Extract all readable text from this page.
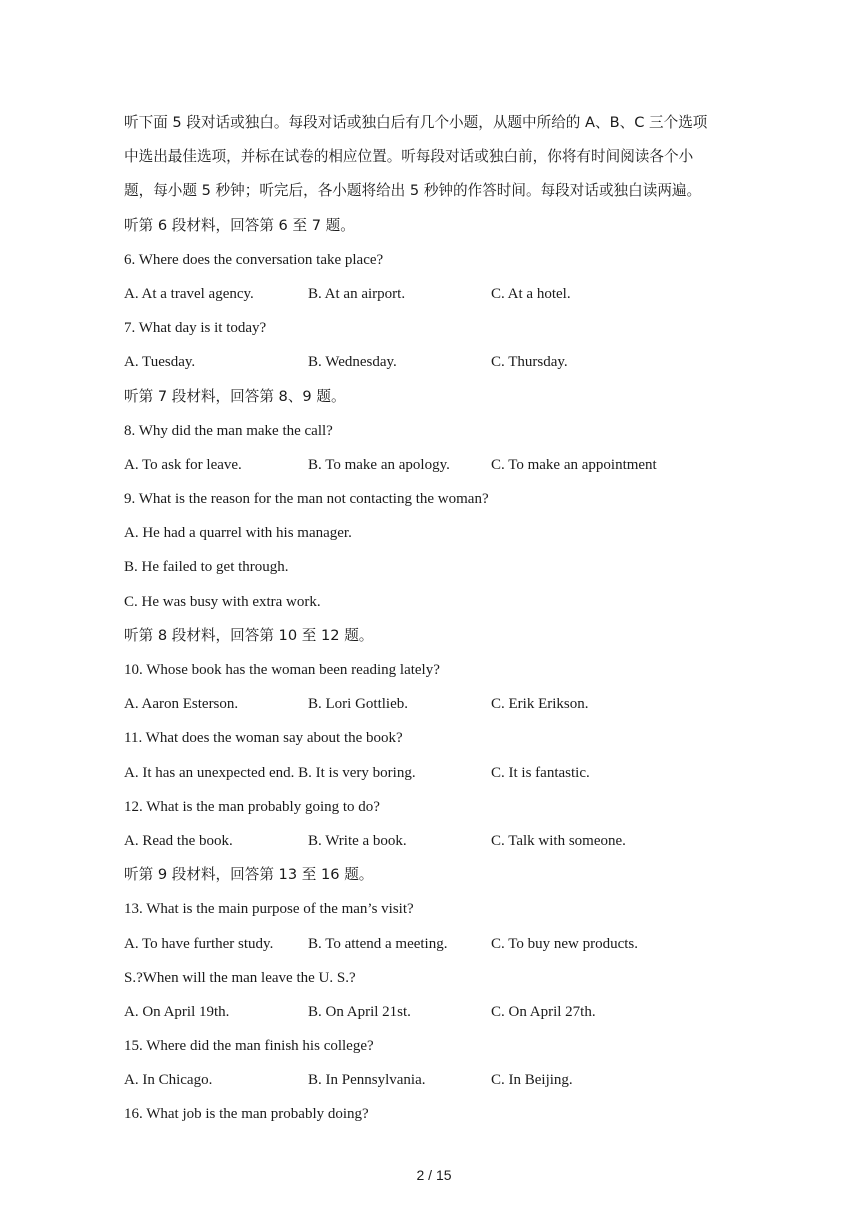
听下面 5 段对话或独白。每段对话或独白后有几个小题，从题中所给的 A、B、C 三个选项
中选出最佳选项，并标在试卷的相应位置。听每段对话或独白前，你将有时间阅读各个小
题，每小题 5 秒钟；听完后，各小题将给出 5 秒钟的作答时间。每段对话或独白读两遍。
听第 6 段材料，回答第 6 至 7 题。
6. Where does the conversation take place?
A. At a travel agency.	B. At an airport.	C. At a hotel.
7. What day is it today?
A. Tuesday.	B. Wednesday.	C. Thursday.
听第 7 段材料，回答第 8、9 题。
8. Why did the man make the call?
A. To ask for leave.	B. To make an apology.	C. To make an appointment
9. What is the reason for the man not contacting the woman?
A. He had a quarrel with his manager.
B. He failed to get through.
C. He was busy with extra work.
听第 8 段材料，回答第 10 至 12 题。
10. Whose book has the woman been reading lately?
A. Aaron Esterson.	B. Lori Gottlieb.	C. Erik Erikson.
11. What does the woman say about the book?
A. It has an unexpected end. B. It is very boring.	C. It is fantastic.
12. What is the man probably going to do?
A. Read the book.	B. Write a book.	C. Talk with someone.
听第 9 段材料，回答第 13 至 16 题。
13. What is the main purpose of the man’s visit?
A. To have further study. B. To attend a meeting.	C. To buy new products.
S.?When will the man leave the U. S.?
A. On April 19th.	B. On April 21st.	C. On April 27th.
15. Where did the man finish his college?
A. In Chicago.	B. In Pennsylvania.	C. In Beijing.
16. What job is the man probably doing?
2 / 15
